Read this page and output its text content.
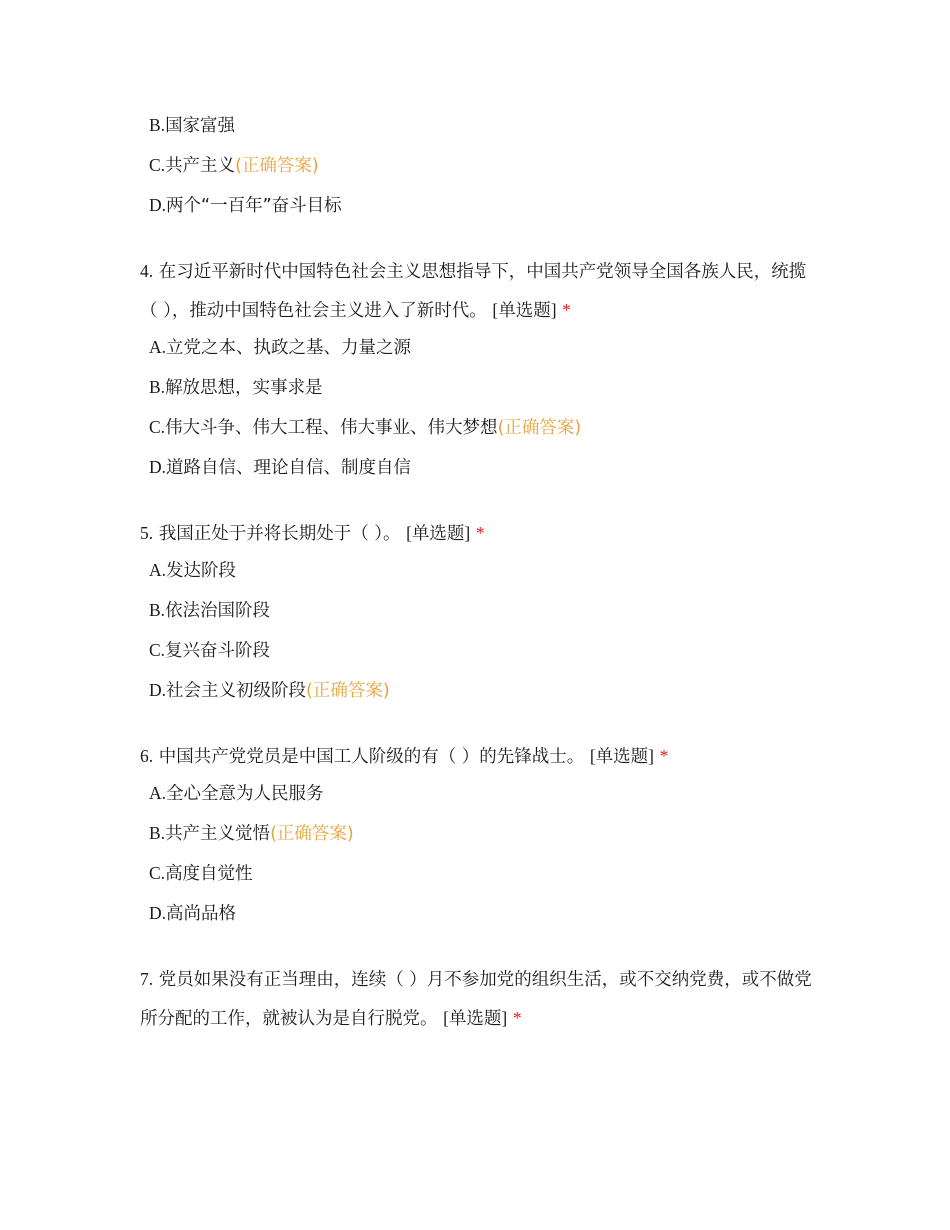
B.国家富强
C.共产主义(正确答案)
D.两个“一百年”奋斗目标
4. 在习近平新时代中国特色社会主义思想指导下，中国共产党领导全国各族人民，统揽（ ），推动中国特色社会主义进入了新时代。 [单选题] *
A.立党之本、执政之基、力量之源
B.解放思想，实事求是
C.伟大斗争、伟大工程、伟大事业、伟大梦想(正确答案)
D.道路自信、理论自信、制度自信
5. 我国正处于并将长期处于（ ）。 [单选题] *
A.发达阶段
B.依法治国阶段
C.复兴奋斗阶段
D.社会主义初级阶段(正确答案)
6. 中国共产党党员是中国工人阶级的有（ ）的先锋战士。 [单选题] *
A.全心全意为人民服务
B.共产主义觉悟(正确答案)
C.高度自觉性
D.高尚品格
7. 党员如果没有正当理由，连续（ ）月不参加党的组织生活，或不交纳党费，或不做党所分配的工作，就被认为是自行脱党。 [单选题] *
